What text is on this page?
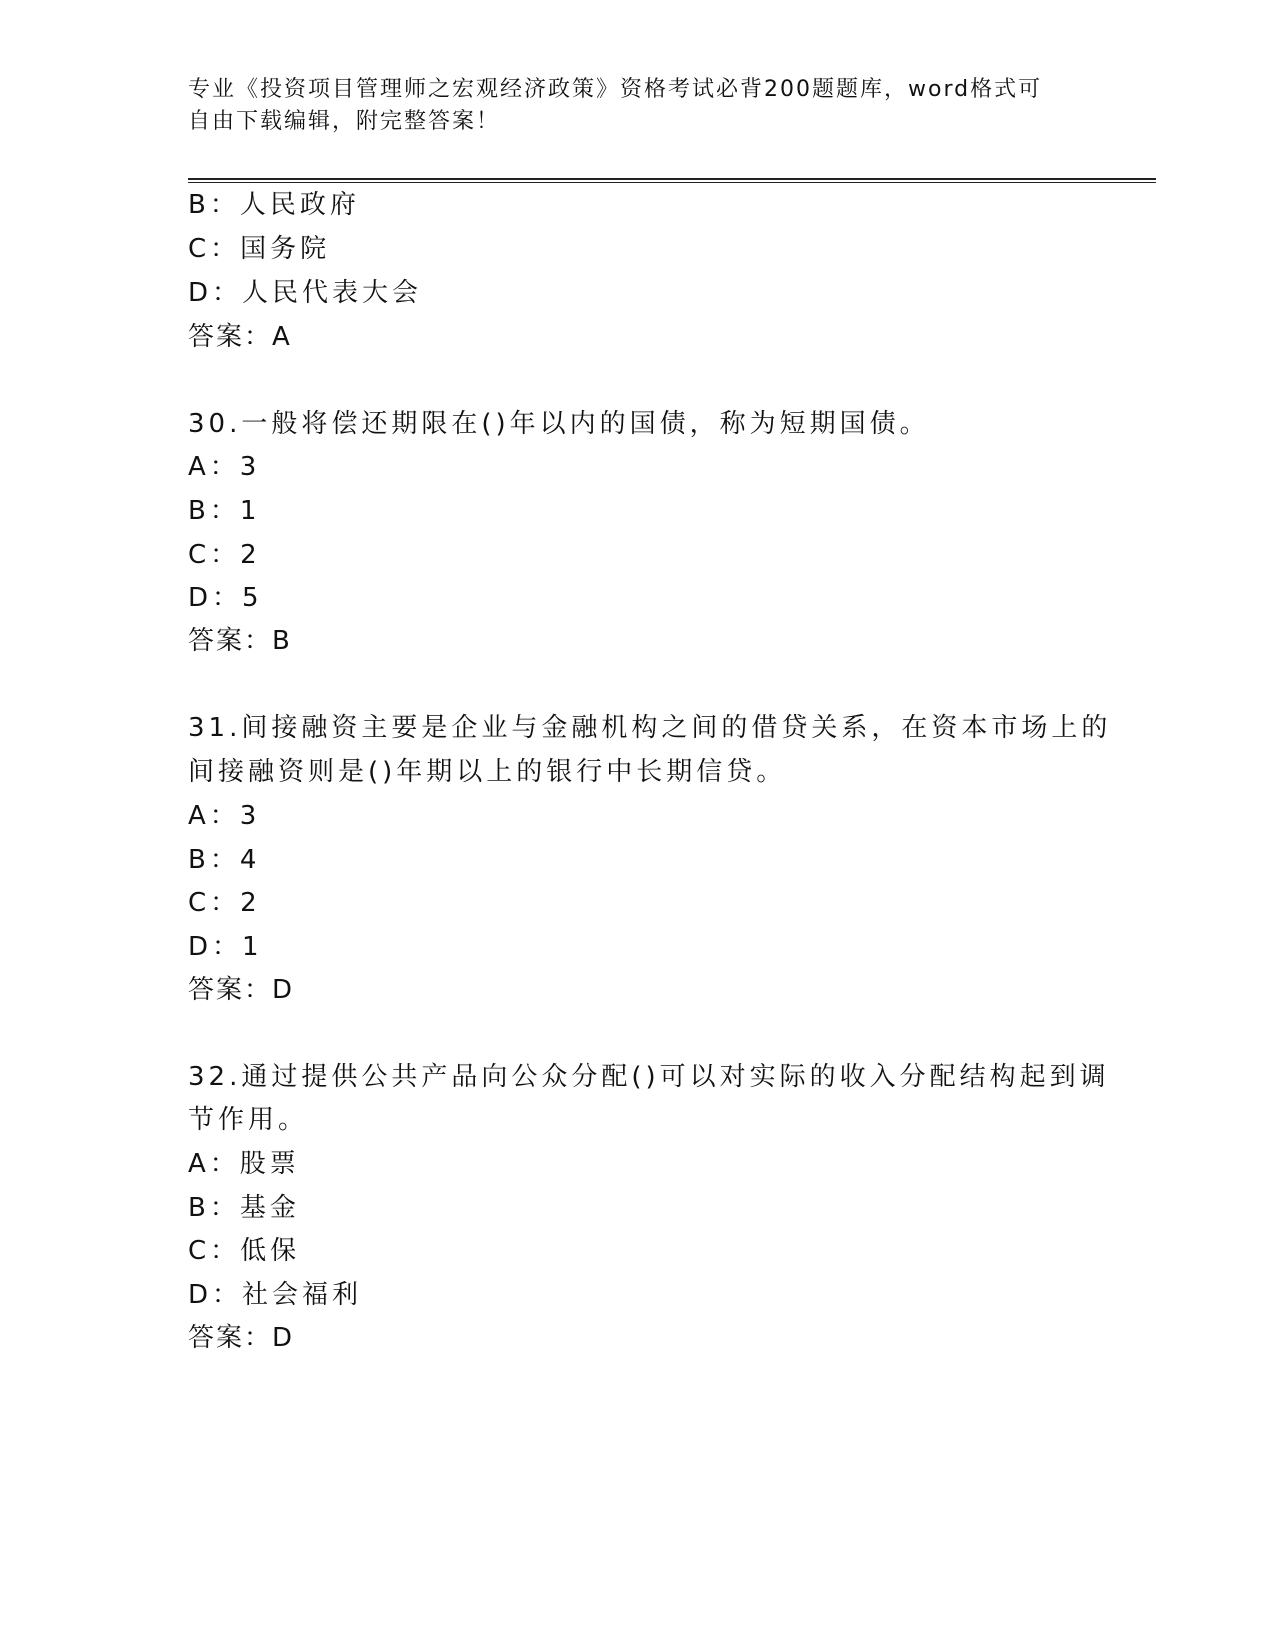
专业《投资项目管理师之宏观经济政策》资格考试必背200题题库，word格式可
自由下载编辑，附完整答案！
B：人民政府
C：国务院
D：人民代表大会
答案：A
30.一般将偿还期限在()年以内的国债，称为短期国债。
A：3
B：1
C：2
D：5
答案：B
31.间接融资主要是企业与金融机构之间的借贷关系，在资本市场上的
间接融资则是()年期以上的银行中长期信贷。
A：3
B：4
C：2
D：1
答案：D
32.通过提供公共产品向公众分配()可以对实际的收入分配结构起到调
节作用。
A：股票
B：基金
C：低保
D：社会福利
答案：D
